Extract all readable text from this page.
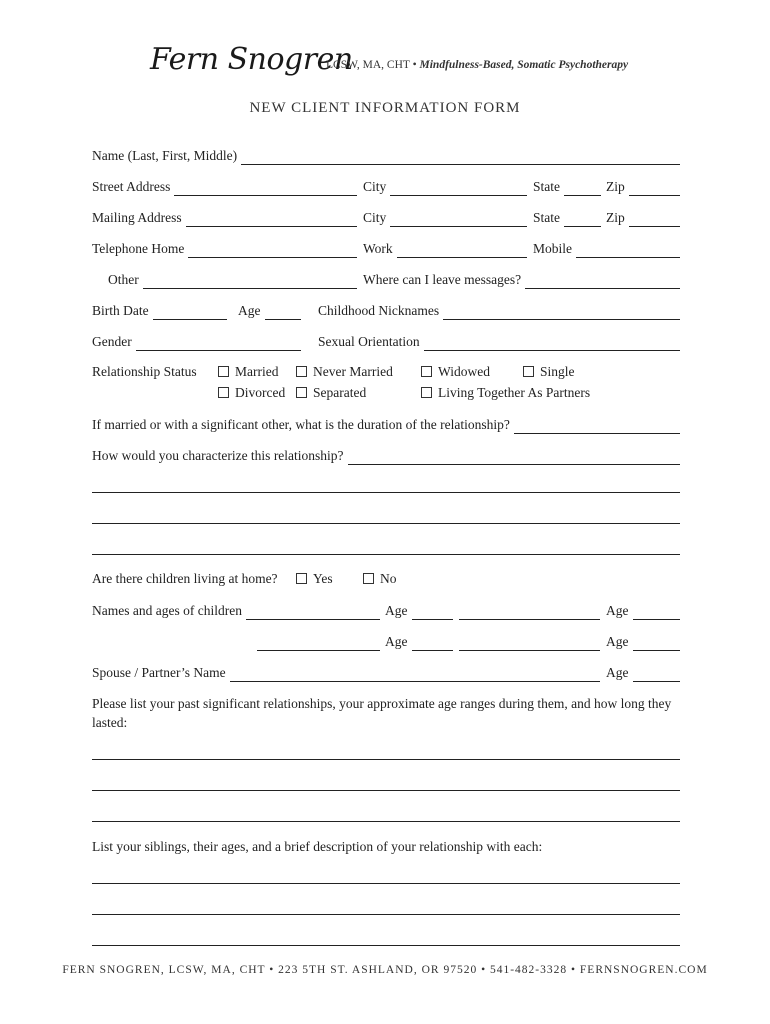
Fern Snogren
LCSW, MA, CHT • Mindfulness-Based, Somatic Psychotherapy
NEW CLIENT INFORMATION FORM
Name (Last, First, Middle)
Street Address	City	State	Zip
Mailing Address	City	State	Zip
Telephone Home	Work	Mobile
Other	Where can I leave messages?
Birth Date	Age	Childhood Nicknames
Gender	Sexual Orientation
Relationship Status	Married	Never Married	Widowed	Single
Divorced	Separated	Living Together As Partners
If married or with a significant other, what is the duration of the relationship?
How would you characterize this relationship?
Are there children living at home?	Yes	No
Names and ages of children	Age	Age
Age	Age
Spouse / Partner’s Name	Age
Please list your past significant relationships, your approximate age ranges during them, and how long they lasted:
List your siblings, their ages, and a brief description of your relationship with each:
FERN SNOGREN, LCSW, MA, CHT • 223 5TH ST. ASHLAND, OR 97520 • 541-482-3328 • FERNSNOGREN.COM
